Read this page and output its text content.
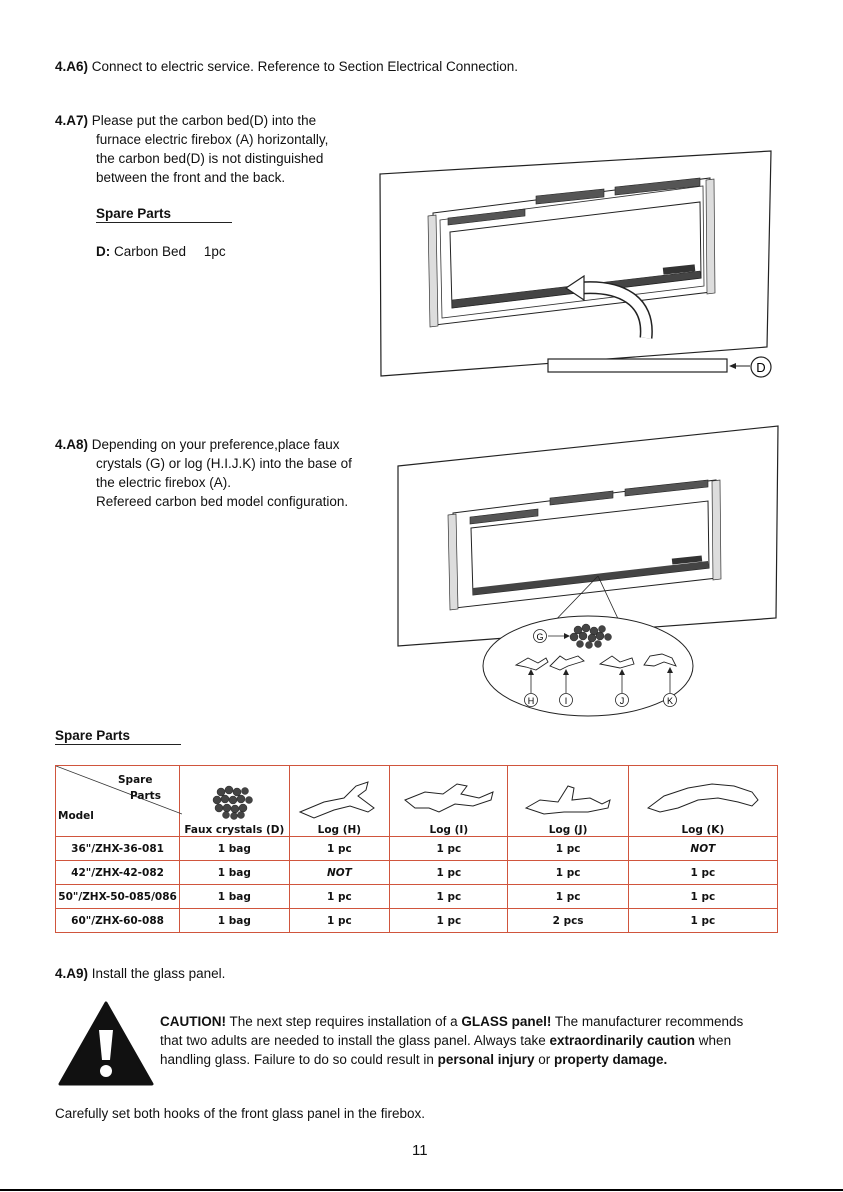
4.A6) Connect to electric service. Reference to Section Electrical Connection.
4.A7) Please put the carbon bed(D) into the
furnace electric firebox (A) horizontally,
the carbon bed(D) is not distinguished
between the front and the back.
Spare Parts
D: Carbon Bed 1pc
D
4.A8) Depending on your preference,place faux
crystals (G) or log (H.I.J.K) into the base of
the electric firebox (A).
Refereed carbon bed model configuration.
G
H	I	J	K
Spare Parts
Spare
Parts
Model	Faux crystals (D)	Log (H)	Log (I)	Log (J)	Log (K)
36"/ZHX-36-081	1 bag	1 pc	1 pc	1 pc	NOT
42"/ZHX-42-082	1 bag	NOT	1 pc	1 pc	1 pc
50"/ZHX-50-085/086	1 bag	1 pc	1 pc	1 pc	1 pc
60"/ZHX-60-088	1 bag	1 pc	1 pc	2 pcs	1 pc
4.A9) Install the glass panel.
CAUTION! The next step requires installation of a GLASS panel! The manufacturer recommends
that two adults are needed to install the glass panel. Always take extraordinarily caution when
handling glass. Failure to do so could result in personal injury or property damage.
Carefully set both hooks of the front glass panel in the firebox.
11
